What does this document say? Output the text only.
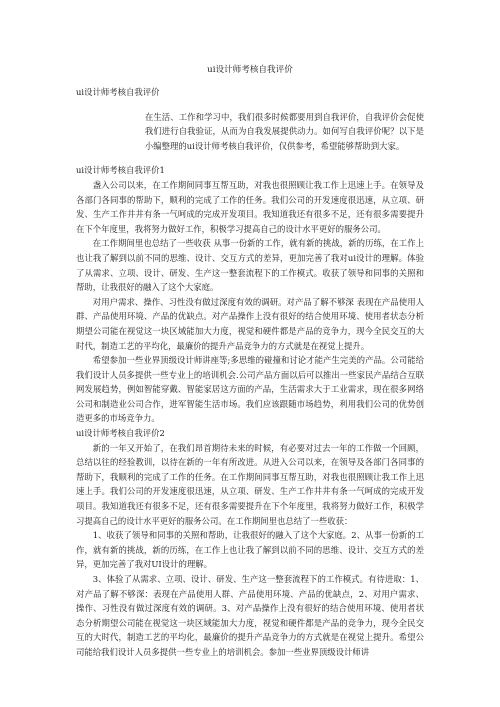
ui设计师考核自我评价
ui设计师考核自我评价

在生活、工作和学习中，我们很多时候都要用到自我评价，自我评价会促使我们进行自我验证，从而为自我发展提供动力。如何写自我评价呢？以下是小编整理的ui设计师考核自我评价，仅供参考，希望能够帮助到大家。

ui设计师考核自我评价1

盏入公司以来，在工作期间同事互帮互助，对我也很照顾让我工作上迅速上手。在领导及各部门各同事的帮助下，顺利的完成了工作的任务。我们公司的开发速度很迅速，从立项、研发、生产工作井井有条一气呵成的完成开发项目。我知道我还有很多不足，还有很多需要提升在下个年度里，我将努力做好工作，积极学习提高自己的设计水平更好的服务公司。

在工作期间里也总结了一些收获 从事一份新的工作，就有新的挑战，新的历练，在工作上也让我了解到以前不同的思维、设计、交互方式的差异，更加完善了我对ui设计的理解。体验了从需求、立项、设计、研发、生产这一整套流程下的工作模式。收获了领导和同事的关照和帮助，让我很好的融入了这个大家庭。

对用户需求、操作、习性没有做过深度有效的调研。对产品了解不够深 表现在产品使用人群、产品使用环境、产品的优缺点。对产品操作上没有很好的结合使用环境、使用者状态分析期望公司能在视觉这一块区域能加大力度，视觉和硬件都是产品的竞争力，现今全民交互的大时代，制造工艺的平均化，最廉价的提升产品竞争力的方式就是在视觉上提升。

希望参加一些业界顶级设计师讲座等;多思维的碰撞和讨论才能产生完美的产品。公司能给我们设计人员多提供一些专业上的培训机会.公司产品方面以后可以推出一些家民产品结合互联网发展趋势，例如智能穿戴、智能家居这方面的产品，生活需求大于工业需求，现在很多网络公司和制造业公司合作，进军智能生活市场。我们应该跟随市场趋势，利用我们公司的优势创造更多的市场竞争力。

ui设计师考核自我评价2

新的一年又开始了，在我们昂首期待未来的时候，有必要对过去一年的工作做一个回顾，总结以往的经验教训，以待在新的一年有所改进。从进入公司以来，在领导及各部门各同事的帮助下，我顺利的完成了工作的任务。在工作期间同事互帮互助，对我也很照顾让我工作上迅速上手。我们公司的开发速度很迅速，从立项、研发、生产工作井井有条一气呵成的完成开发项目。我知道我还有很多不足，还有很多需要提升在下个年度里，我将努力做好工作，积极学习提高自己的设计水平更好的服务公司。在工作期间里也总结了一些收获：

1、收获了领导和同事的关照和帮助，让我很好的融入了这个大家庭。2、从事一份新的工作，就有新的挑战，新的历练，在工作上也让我了解到以前不同的思维、设计、交互方式的差异，更加完善了我对UI设计的理解。

3、体验了从需求、立项、设计、研发、生产这一整套流程下的工作模式。有待进取：1、对产品了解不够深：表现在产品使用人群、产品使用环境、产品的优缺点，2、对用户需求、操作、习性没有做过深度有效的调研。3、对产品操作上没有很好的结合使用环境、使用者状态分析期望公司能在视觉这一块区域能加大力度，视觉和硬件都是产品的竞争力，现今全民交互的大时代，制造工艺的平均化，最廉价的提升产品竞争力的方式就是在视觉上提升。希望公司能给我们设计人员多提供一些专业上的培训机会。参加一些业界顶级设计师讲
